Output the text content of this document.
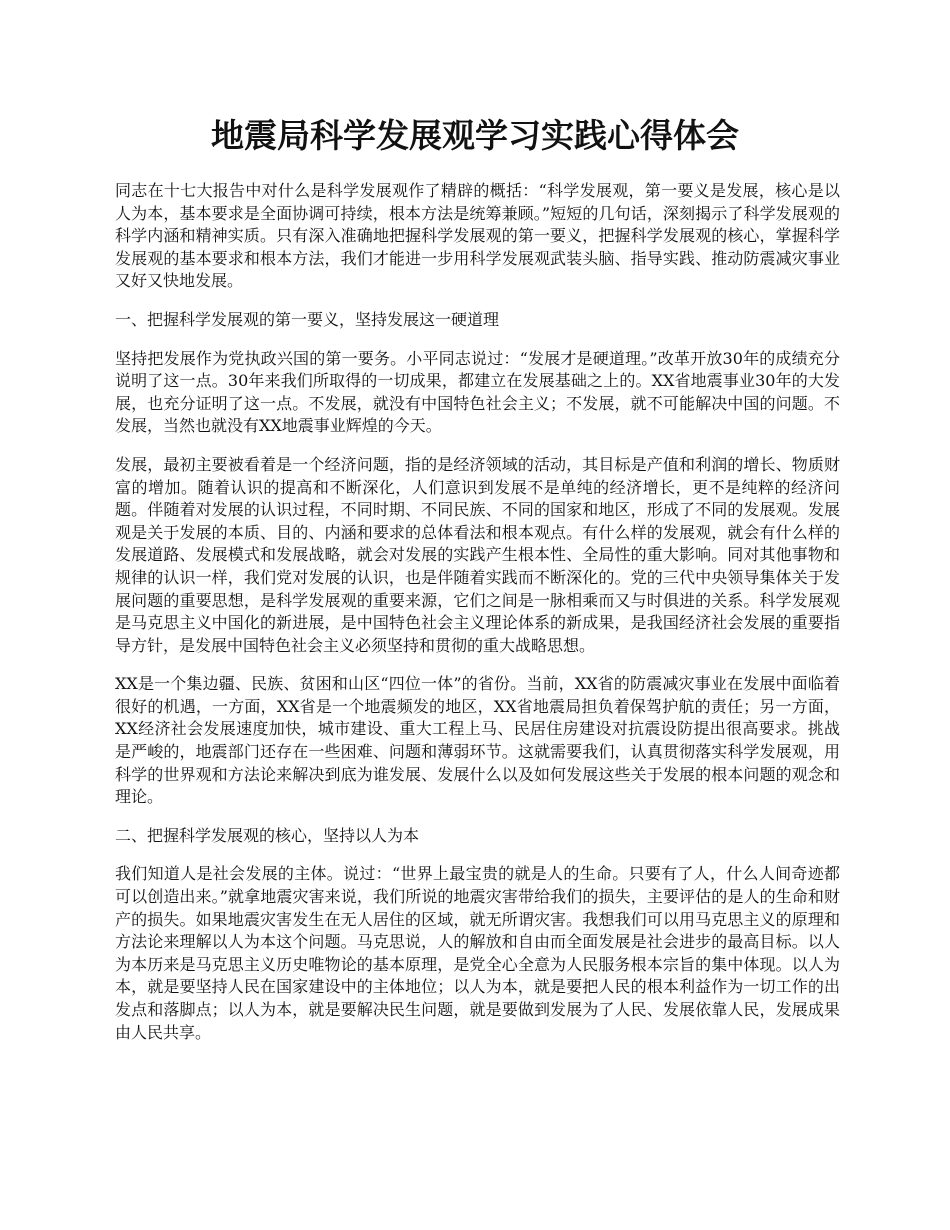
地震局科学发展观学习实践心得体会

同志在十七大报告中对什么是科学发展观作了精辟的概括：“科学发展观，第一要义是发展，核心是以人为本，基本要求是全面协调可持续，根本方法是统筹兼顾。”短短的几句话，深刻揭示了科学发展观的科学内涵和精神实质。只有深入准确地把握科学发展观的第一要义，把握科学发展观的核心，掌握科学发展观的基本要求和根本方法，我们才能进一步用科学发展观武装头脑、指导实践、推动防震减灾事业又好又快地发展。

一、把握科学发展观的第一要义，坚持发展这一硬道理

坚持把发展作为党执政兴国的第一要务。小平同志说过：“发展才是硬道理。”改革开放30年的成绩充分说明了这一点。30年来我们所取得的一切成果，都建立在发展基础之上的。XX省地震事业30年的大发展，也充分证明了这一点。不发展，就没有中国特色社会主义；不发展，就不可能解决中国的问题。不发展，当然也就没有XX地震事业辉煌的今天。

发展，最初主要被看着是一个经济问题，指的是经济领域的活动，其目标是产值和利润的增长、物质财富的增加。随着认识的提高和不断深化，人们意识到发展不是单纯的经济增长，更不是纯粹的经济问题。伴随着对发展的认识过程，不同时期、不同民族、不同的国家和地区，形成了不同的发展观。发展观是关于发展的本质、目的、内涵和要求的总体看法和根本观点。有什么样的发展观，就会有什么样的发展道路、发展模式和发展战略，就会对发展的实践产生根本性、全局性的重大影响。同对其他事物和规律的认识一样，我们党对发展的认识，也是伴随着实践而不断深化的。党的三代中央领导集体关于发展问题的重要思想，是科学发展观的重要来源，它们之间是一脉相乘而又与时俱进的关系。科学发展观是马克思主义中国化的新进展，是中国特色社会主义理论体系的新成果，是我国经济社会发展的重要指导方针，是发展中国特色社会主义必须坚持和贯彻的重大战略思想。

XX是一个集边疆、民族、贫困和山区“四位一体”的省份。当前，XX省的防震减灾事业在发展中面临着很好的机遇，一方面，XX省是一个地震频发的地区，XX省地震局担负着保驾护航的责任；另一方面，XX经济社会发展速度加快，城市建设、重大工程上马、民居住房建设对抗震设防提出很高要求。挑战是严峻的，地震部门还存在一些困难、问题和薄弱环节。这就需要我们，认真贯彻落实科学发展观，用科学的世界观和方法论来解决到底为谁发展、发展什么以及如何发展这些关于发展的根本问题的观念和理论。

二、把握科学发展观的核心，坚持以人为本

我们知道人是社会发展的主体。说过：“世界上最宝贵的就是人的生命。只要有了人，什么人间奇迹都可以创造出来。”就拿地震灾害来说，我们所说的地震灾害带给我们的损失，主要评估的是人的生命和财产的损失。如果地震灾害发生在无人居住的区域，就无所谓灾害。我想我们可以用马克思主义的原理和方法论来理解以人为本这个问题。马克思说，人的解放和自由而全面发展是社会进步的最高目标。以人为本历来是马克思主义历史唯物论的基本原理，是党全心全意为人民服务根本宗旨的集中体现。以人为本，就是要坚持人民在国家建设中的主体地位；以人为本，就是要把人民的根本利益作为一切工作的出发点和落脚点；以人为本，就是要解决民生问题，就是要做到发展为了人民、发展依靠人民，发展成果由人民共享。
